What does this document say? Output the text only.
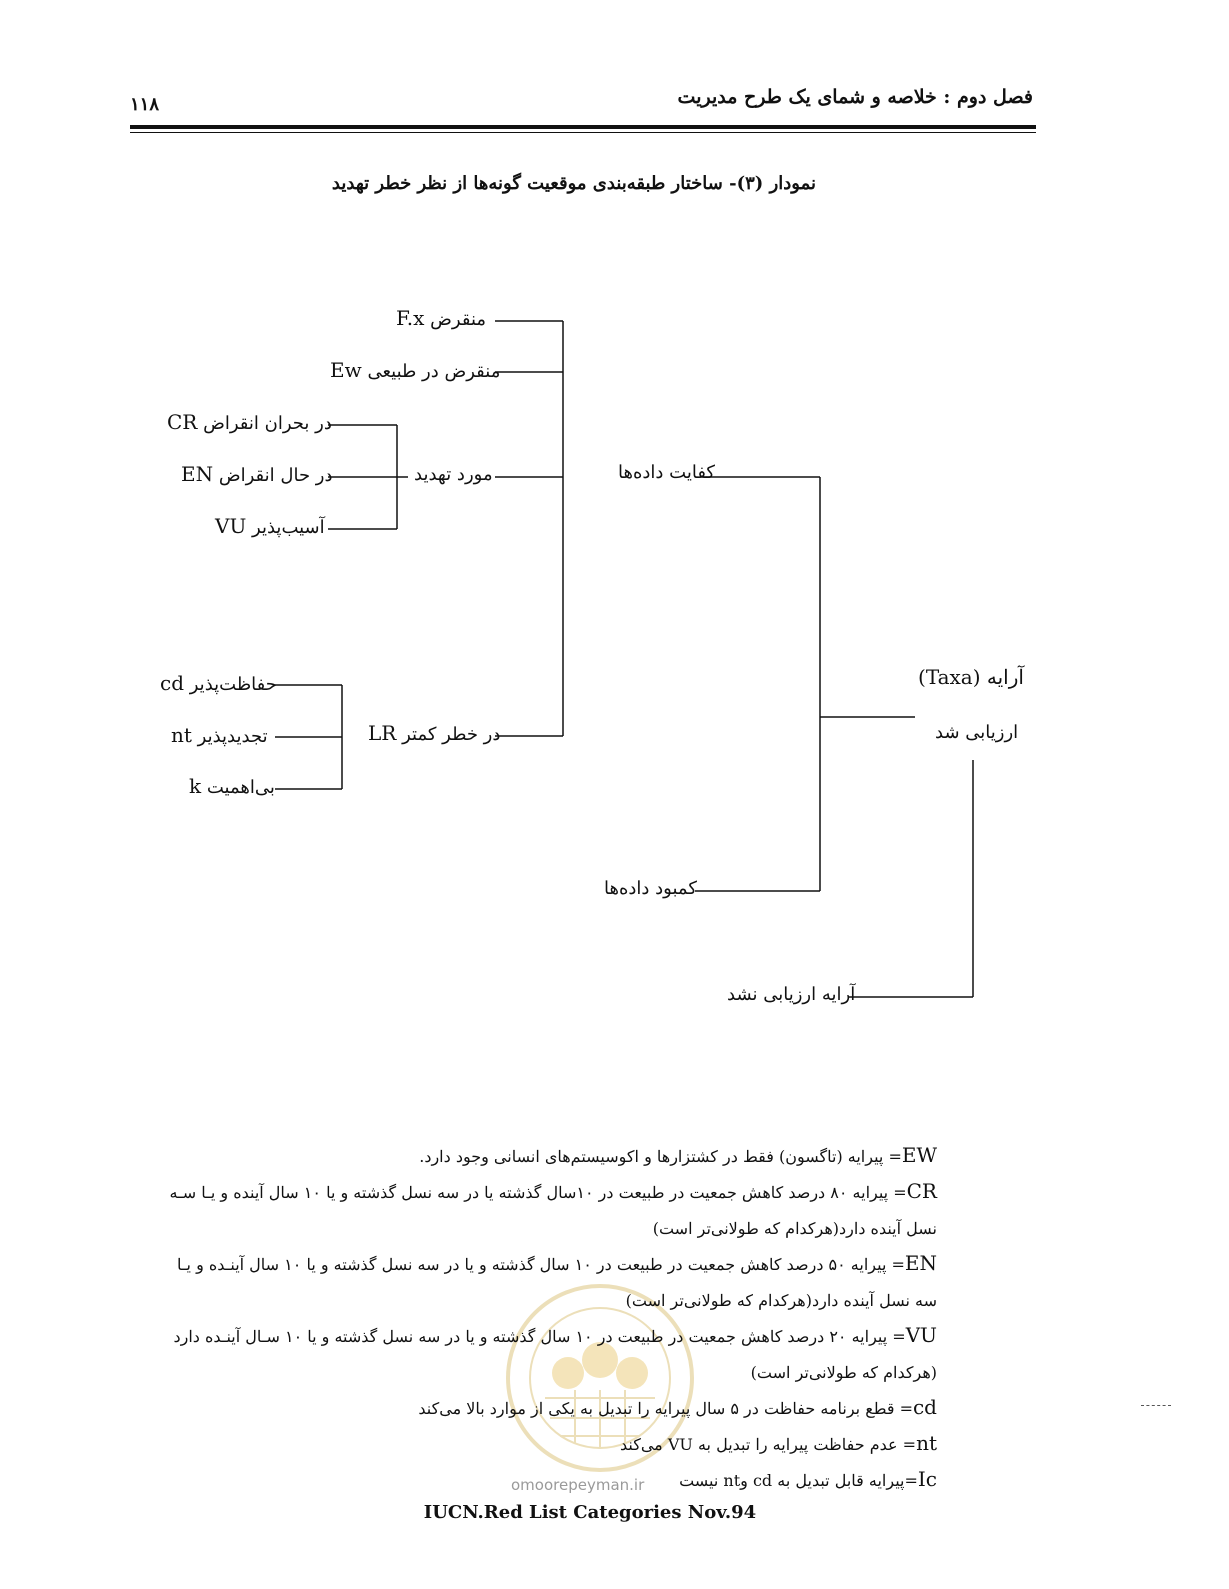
فصل دوم : خلاصه و شمای یک طرح مدیریت
۱۱۸
نمودار (۳)- ساختار طبقه‌بندی موقعیت گونه‌ها از نظر خطر تهدید
آرایه (Taxa)
ارزیابی شد
آرایه ارزیابی نشد
کفایت داده‌ها
کمبود داده‌ها
منقرض F.x
منقرض در طبیعی Ew
مورد تهدید
در بحران انقراض CR
در حال انقراض EN
آسیب‌پذیر VU
در خطر کمتر LR
حفاظت‌پذیر cd
تجدیدپذیر nt
بی‌اهمیت k
EW= پیرایه (تاگسون) فقط در کشتزارها و اکوسیستم‌های انسانی وجود دارد.
CR= پیرایه ۸۰ درصد کاهش جمعیت در طبیعت در ۱۰سال گذشته یا در سه نسل گذشته و یا ۱۰ سال آینده و یـا سـه
نسل آینده دارد(هرکدام که طولانی‌تر است)
EN= پیرایه ۵۰ درصد کاهش جمعیت در طبیعت در ۱۰ سال گذشته و یا در سه نسل گذشته و یا ۱۰ سال آینـده و یـا
سه نسل آینده دارد(هرکدام که طولانی‌تر است)
VU= پیرایه ۲۰ درصد کاهش جمعیت در طبیعت در ۱۰ سال گذشته و یا در سه نسل گذشته و یا ۱۰ سـال آینـده دارد
(هرکدام که طولانی‌تر است)
cd= قطع برنامه حفاظت در ۵ سال پیرایه را تبدیل به یکی از موارد بالا می‌کند
nt= عدم حفاظت پیرایه را تبدیل به VU می‌کند
Ic=پیرایه قابل تبدیل به cd وnt نیست
omoorepeyman.ir
IUCN.Red List Categories Nov.94
